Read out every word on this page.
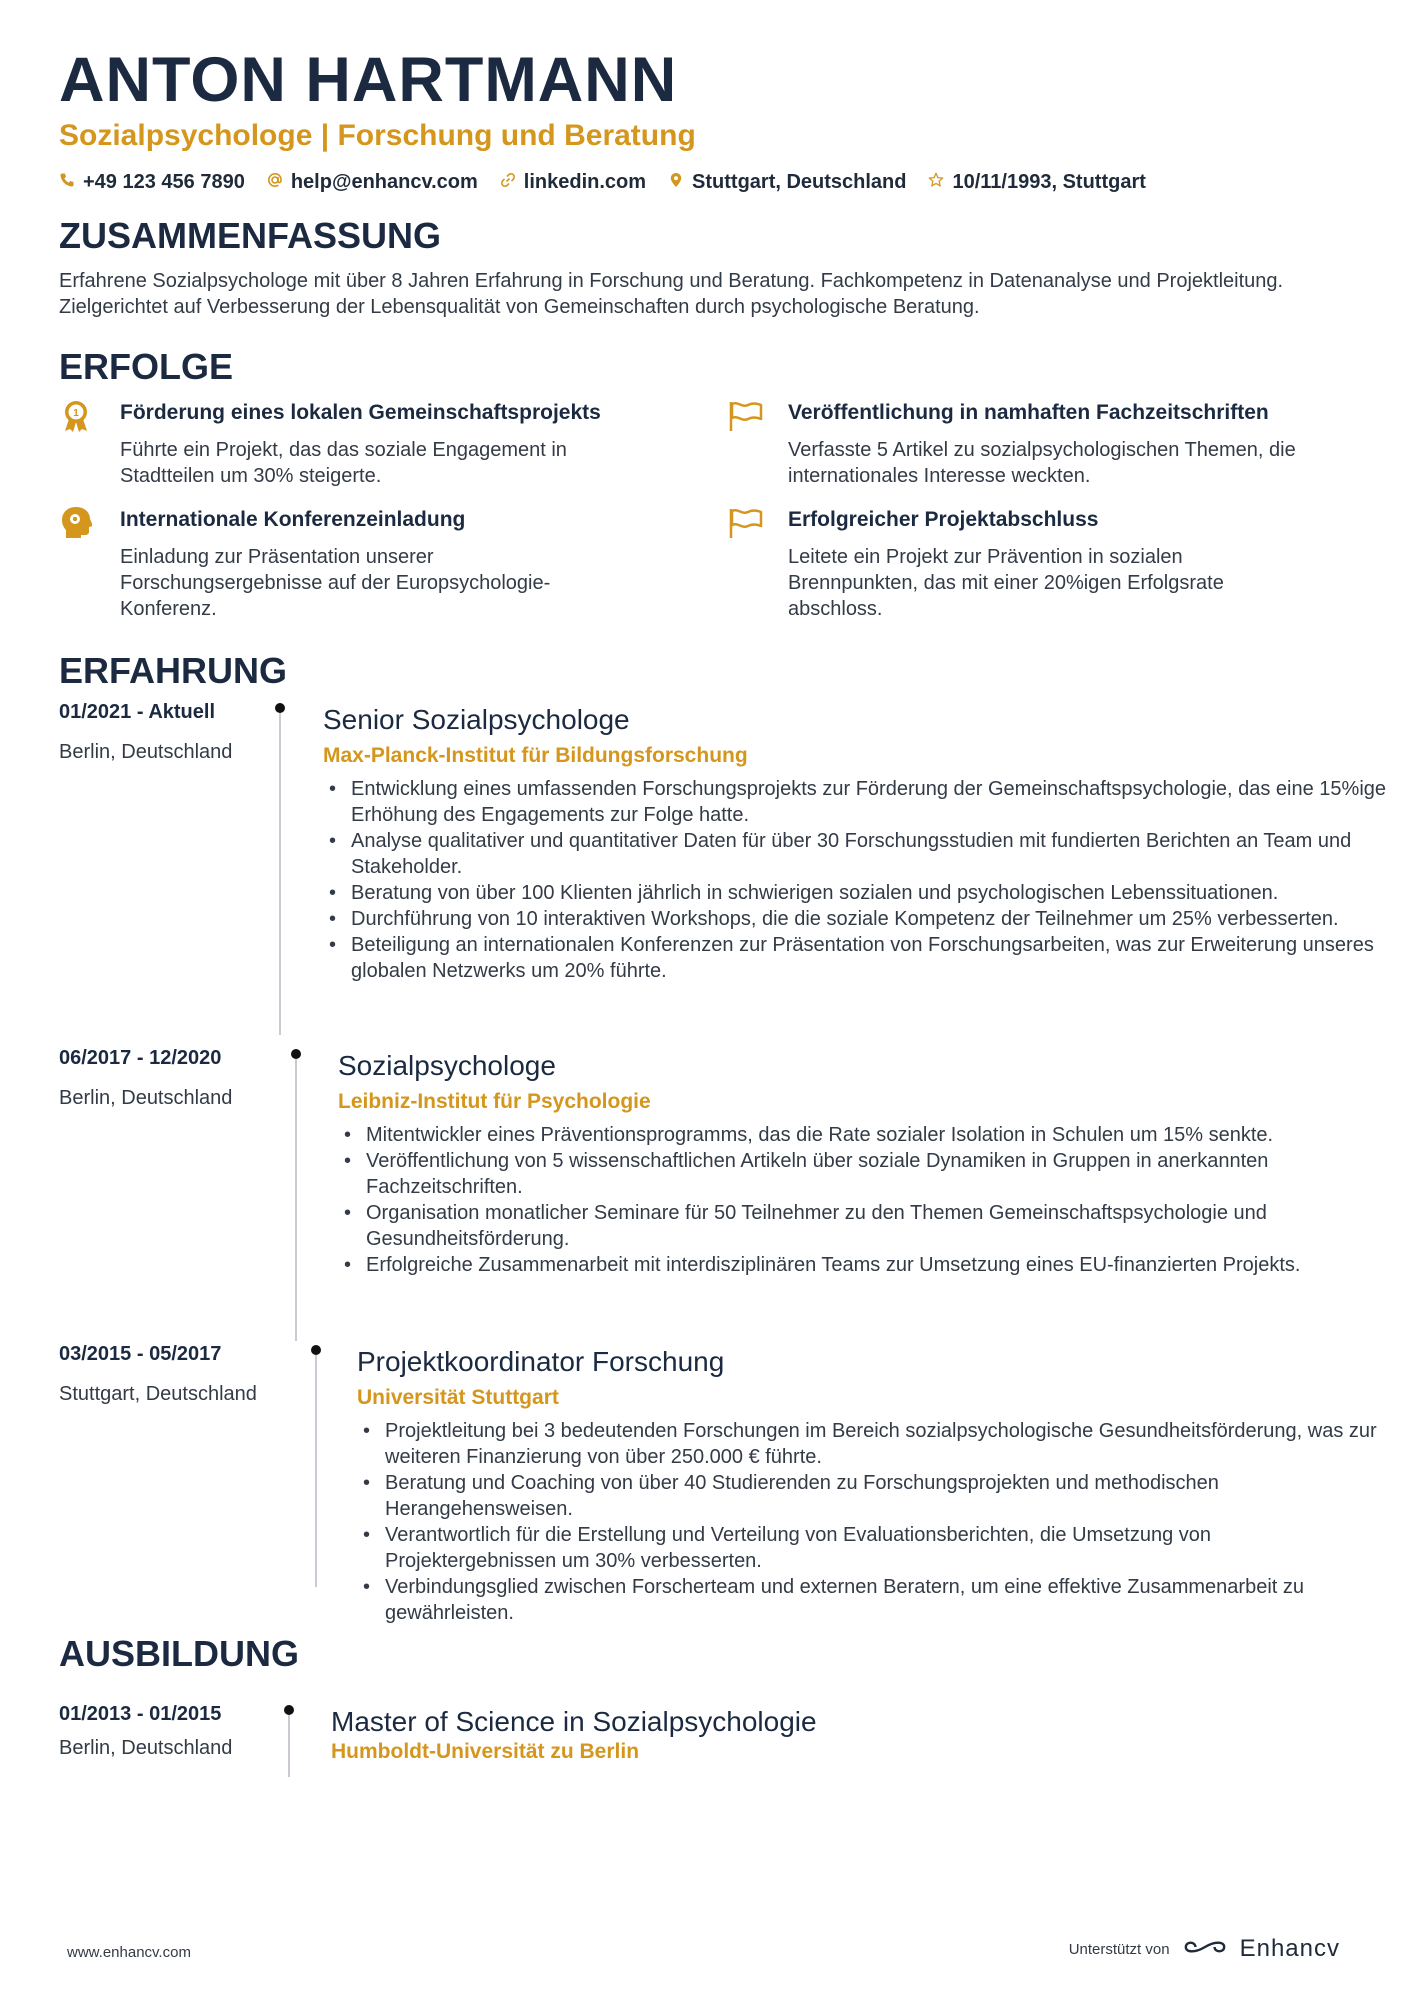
ANTON HARTMANN
Sozialpsychologe | Forschung und Beratung
+49 123 456 7890 help@enhancv.com linkedin.com Stuttgart, Deutschland 10/11/1993, Stuttgart
ZUSAMMENFASSUNG
Erfahrene Sozialpsychologe mit über 8 Jahren Erfahrung in Forschung und Beratung. Fachkompetenz in Datenanalyse und Projektleitung. Zielgerichtet auf Verbesserung der Lebensqualität von Gemeinschaften durch psychologische Beratung.
ERFOLGE
1 Förderung eines lokalen Gemeinschaftsprojekts
Führte ein Projekt, das das soziale Engagement in Stadtteilen um 30% steigerte.
Veröffentlichung in namhaften Fachzeitschriften
Verfasste 5 Artikel zu sozialpsychologischen Themen, die internationales Interesse weckten.
Internationale Konferenzeinladung
Einladung zur Präsentation unserer Forschungsergebnisse auf der Europsychologie-Konferenz.
Erfolgreicher Projektabschluss
Leitete ein Projekt zur Prävention in sozialen Brennpunkten, das mit einer 20%igen Erfolgsrate abschloss.
ERFAHRUNG
01/2021 - Aktuell
Berlin, Deutschland
Senior Sozialpsychologe
Max-Planck-Institut für Bildungsforschung
• Entwicklung eines umfassenden Forschungsprojekts zur Förderung der Gemeinschaftspsychologie, das eine 15%ige Erhöhung des Engagements zur Folge hatte.
• Analyse qualitativer und quantitativer Daten für über 30 Forschungsstudien mit fundierten Berichten an Team und Stakeholder.
• Beratung von über 100 Klienten jährlich in schwierigen sozialen und psychologischen Lebenssituationen.
• Durchführung von 10 interaktiven Workshops, die die soziale Kompetenz der Teilnehmer um 25% verbesserten.
• Beteiligung an internationalen Konferenzen zur Präsentation von Forschungsarbeiten, was zur Erweiterung unseres globalen Netzwerks um 20% führte.
06/2017 - 12/2020
Berlin, Deutschland
Sozialpsychologe
Leibniz-Institut für Psychologie
• Mitentwickler eines Präventionsprogramms, das die Rate sozialer Isolation in Schulen um 15% senkte.
• Veröffentlichung von 5 wissenschaftlichen Artikeln über soziale Dynamiken in Gruppen in anerkannten Fachzeitschriften.
• Organisation monatlicher Seminare für 50 Teilnehmer zu den Themen Gemeinschaftspsychologie und Gesundheitsförderung.
• Erfolgreiche Zusammenarbeit mit interdisziplinären Teams zur Umsetzung eines EU-finanzierten Projekts.
03/2015 - 05/2017
Stuttgart, Deutschland
Projektkoordinator Forschung
Universität Stuttgart
• Projektleitung bei 3 bedeutenden Forschungen im Bereich sozialpsychologische Gesundheitsförderung, was zur weiteren Finanzierung von über 250.000 € führte.
• Beratung und Coaching von über 40 Studierenden zu Forschungsprojekten und methodischen Herangehensweisen.
• Verantwortlich für die Erstellung und Verteilung von Evaluationsberichten, die Umsetzung von Projektergebnissen um 30% verbesserten.
• Verbindungsglied zwischen Forscherteam und externen Beratern, um eine effektive Zusammenarbeit zu gewährleisten.
AUSBILDUNG
01/2013 - 01/2015
Berlin, Deutschland
Master of Science in Sozialpsychologie
Humboldt-Universität zu Berlin
www.enhancv.com	Unterstützt von	Enhancv
